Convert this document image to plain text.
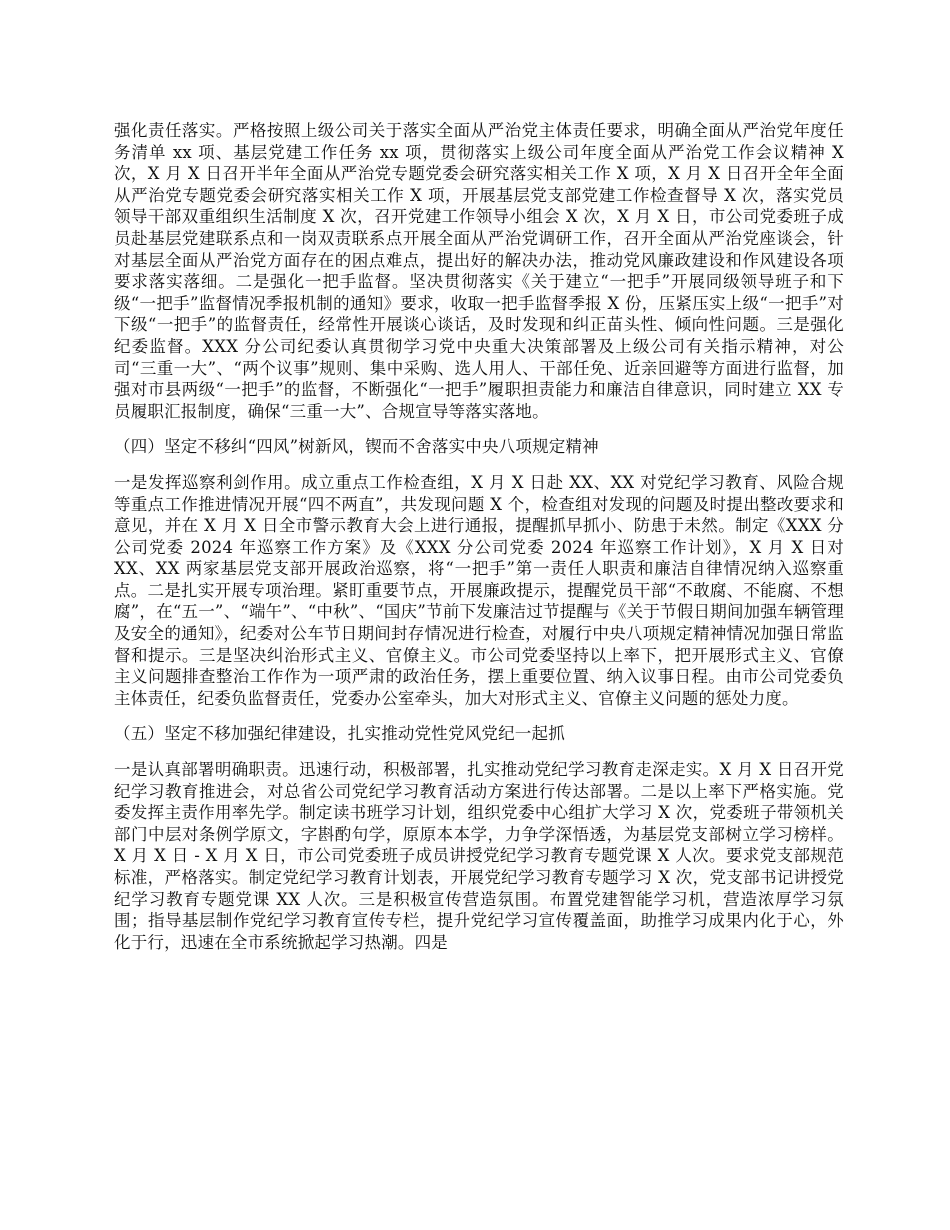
强化责任落实。严格按照上级公司关于落实全面从严治党主体责任要求，明确全面从严治党年度任务清单 xx 项、基层党建工作任务 xx 项，贯彻落实上级公司年度全面从严治党工作会议精神 X 次，X 月 X 日召开半年全面从严治党专题党委会研究落实相关工作 X 项，X 月 X 日召开全年全面从严治党专题党委会研究落实相关工作 X 项，开展基层党支部党建工作检查督导 X 次，落实党员领导干部双重组织生活制度 X 次，召开党建工作领导小组会 X 次，X 月 X 日，市公司党委班子成员赴基层党建联系点和一岗双责联系点开展全面从严治党调研工作，召开全面从严治党座谈会，针对基层全面从严治党方面存在的困点难点，提出好的解决办法，推动党风廉政建设和作风建设各项要求落实落细。二是强化一把手监督。坚决贯彻落实《关于建立“一把手”开展同级领导班子和下级“一把手”监督情况季报机制的通知》要求，收取一把手监督季报 X 份，压紧压实上级“一把手”对下级“一把手”的监督责任，经常性开展谈心谈话，及时发现和纠正苗头性、倾向性问题。三是强化纪委监督。XXX 分公司纪委认真贯彻学习党中央重大决策部署及上级公司有关指示精神，对公司“三重一大”、“两个议事”规则、集中采购、选人用人、干部任免、近亲回避等方面进行监督，加强对市县两级“一把手”的监督，不断强化“一把手”履职担责能力和廉洁自律意识，同时建立 XX 专员履职汇报制度，确保“三重一大”、合规宣导等落实落地。

（四）坚定不移纠“四风”树新风，锲而不舍落实中央八项规定精神

一是发挥巡察利剑作用。成立重点工作检查组，X 月 X 日赴 XX、XX 对党纪学习教育、风险合规等重点工作推进情况开展“四不两直”，共发现问题 X 个，检查组对发现的问题及时提出整改要求和意见，并在 X 月 X 日全市警示教育大会上进行通报，提醒抓早抓小、防患于未然。制定《XXX 分公司党委 2024 年巡察工作方案》及《XXX 分公司党委 2024 年巡察工作计划》，X 月 X 日对 XX、XX 两家基层党支部开展政治巡察，将“一把手”第一责任人职责和廉洁自律情况纳入巡察重点。二是扎实开展专项治理。紧盯重要节点，开展廉政提示，提醒党员干部“不敢腐、不能腐、不想腐”，在“五一”、“端午”、“中秋”、“国庆”节前下发廉洁过节提醒与《关于节假日期间加强车辆管理及安全的通知》，纪委对公车节日期间封存情况进行检查，对履行中央八项规定精神情况加强日常监督和提示。三是坚决纠治形式主义、官僚主义。市公司党委坚持以上率下，把开展形式主义、官僚主义问题排查整治工作作为一项严肃的政治任务，摆上重要位置、纳入议事日程。由市公司党委负主体责任，纪委负监督责任，党委办公室牵头，加大对形式主义、官僚主义问题的惩处力度。

（五）坚定不移加强纪律建设，扎实推动党性党风党纪一起抓

一是认真部署明确职责。迅速行动，积极部署，扎实推动党纪学习教育走深走实。X 月 X 日召开党纪学习教育推进会，对总省公司党纪学习教育活动方案进行传达部署。二是以上率下严格实施。党委发挥主责作用率先学。制定读书班学习计划，组织党委中心组扩大学习 X 次，党委班子带领机关部门中层对条例学原文，字斟酌句学，原原本本学，力争学深悟透，为基层党支部树立学习榜样。X 月 X 日 - X 月 X 日，市公司党委班子成员讲授党纪学习教育专题党课 X 人次。要求党支部规范标准，严格落实。制定党纪学习教育计划表，开展党纪学习教育专题学习 X 次，党支部书记讲授党纪学习教育专题党课 XX 人次。三是积极宣传营造氛围。布置党建智能学习机，营造浓厚学习氛围；指导基层制作党纪学习教育宣传专栏，提升党纪学习宣传覆盖面，助推学习成果内化于心，外化于行，迅速在全市系统掀起学习热潮。四是
